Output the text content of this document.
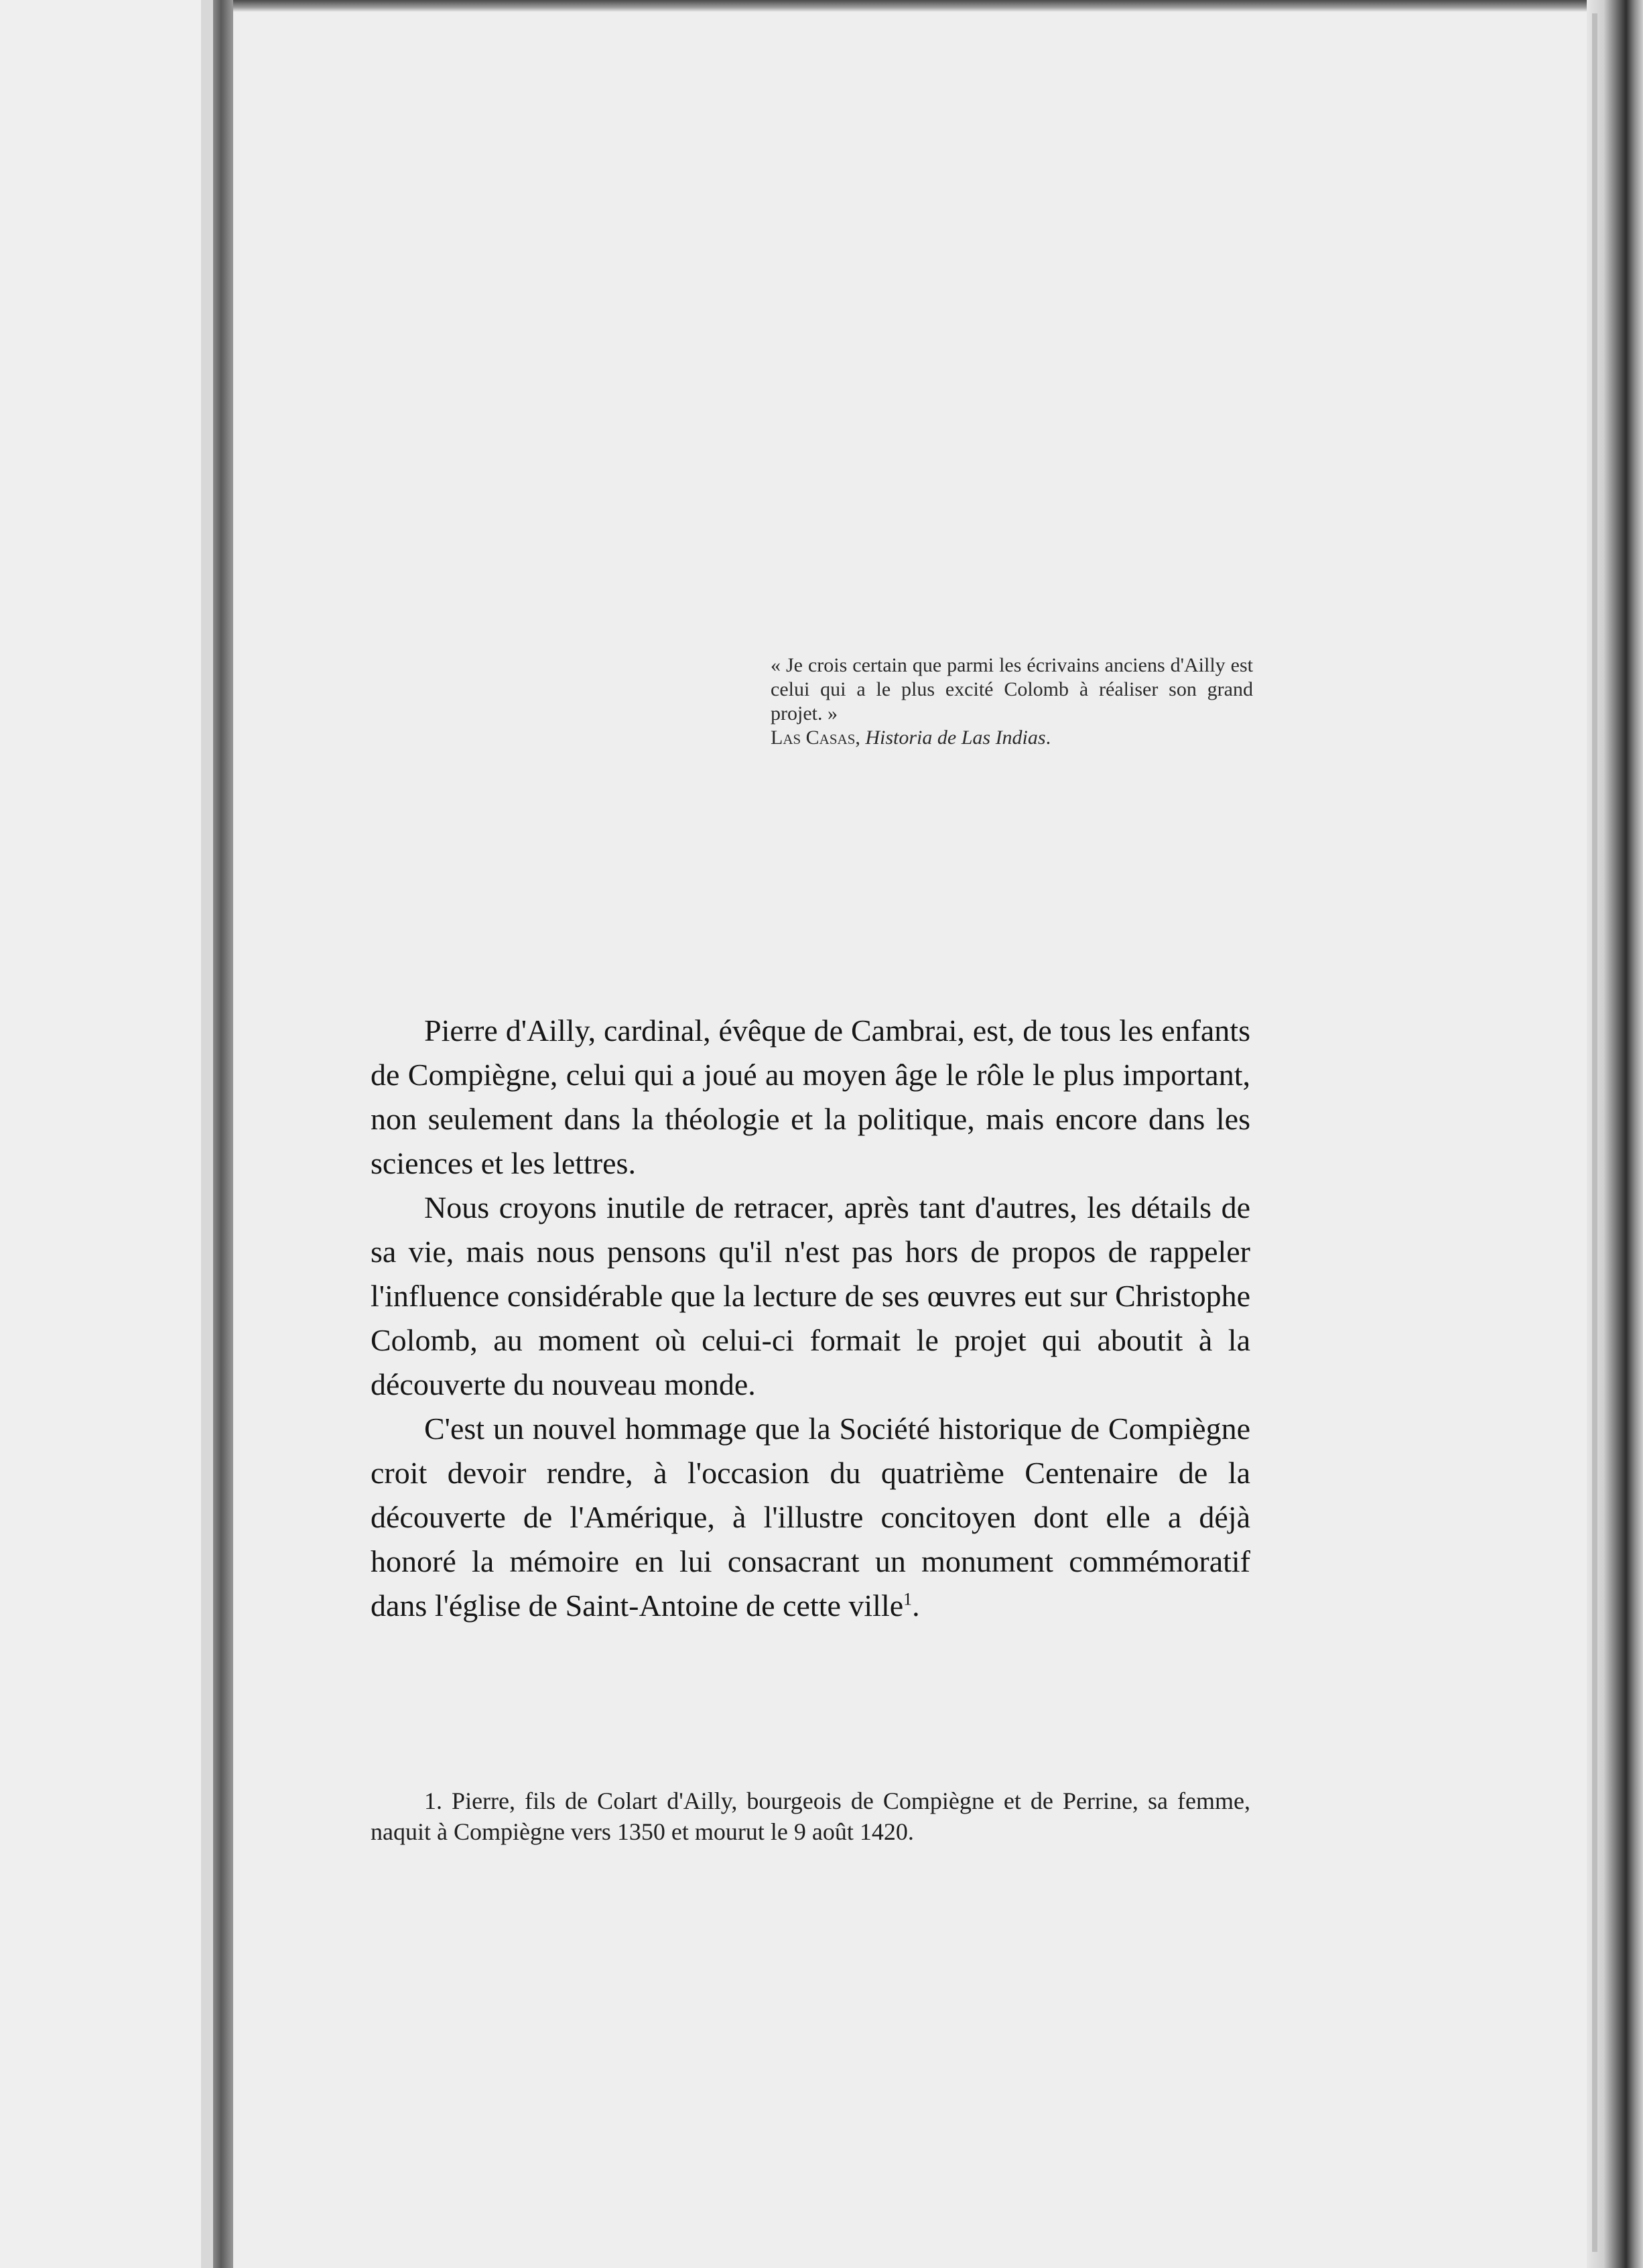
« Je crois certain que parmi les écrivains anciens d'Ailly est celui qui a le plus excité Colomb à réaliser son grand projet. »

Las Casas, Historia de Las Indias.

Pierre d'Ailly, cardinal, évêque de Cambrai, est, de tous les enfants de Compiègne, celui qui a joué au moyen âge le rôle le plus important, non seulement dans la théologie et la politique, mais encore dans les sciences et les lettres.

Nous croyons inutile de retracer, après tant d'autres, les détails de sa vie, mais nous pensons qu'il n'est pas hors de propos de rappeler l'influence considérable que la lecture de ses œuvres eut sur Christophe Colomb, au moment où celui-ci formait le projet qui aboutit à la découverte du nouveau monde.

C'est un nouvel hommage que la Société historique de Compiègne croit devoir rendre, à l'occasion du quatrième Centenaire de la découverte de l'Amérique, à l'illustre concitoyen dont elle a déjà honoré la mémoire en lui consacrant un monument commémoratif dans l'église de Saint-Antoine de cette ville$^1$.

1. Pierre, fils de Colart d'Ailly, bourgeois de Compiègne et de Perrine, sa femme, naquit à Compiègne vers 1350 et mourut le 9 août 1420.
